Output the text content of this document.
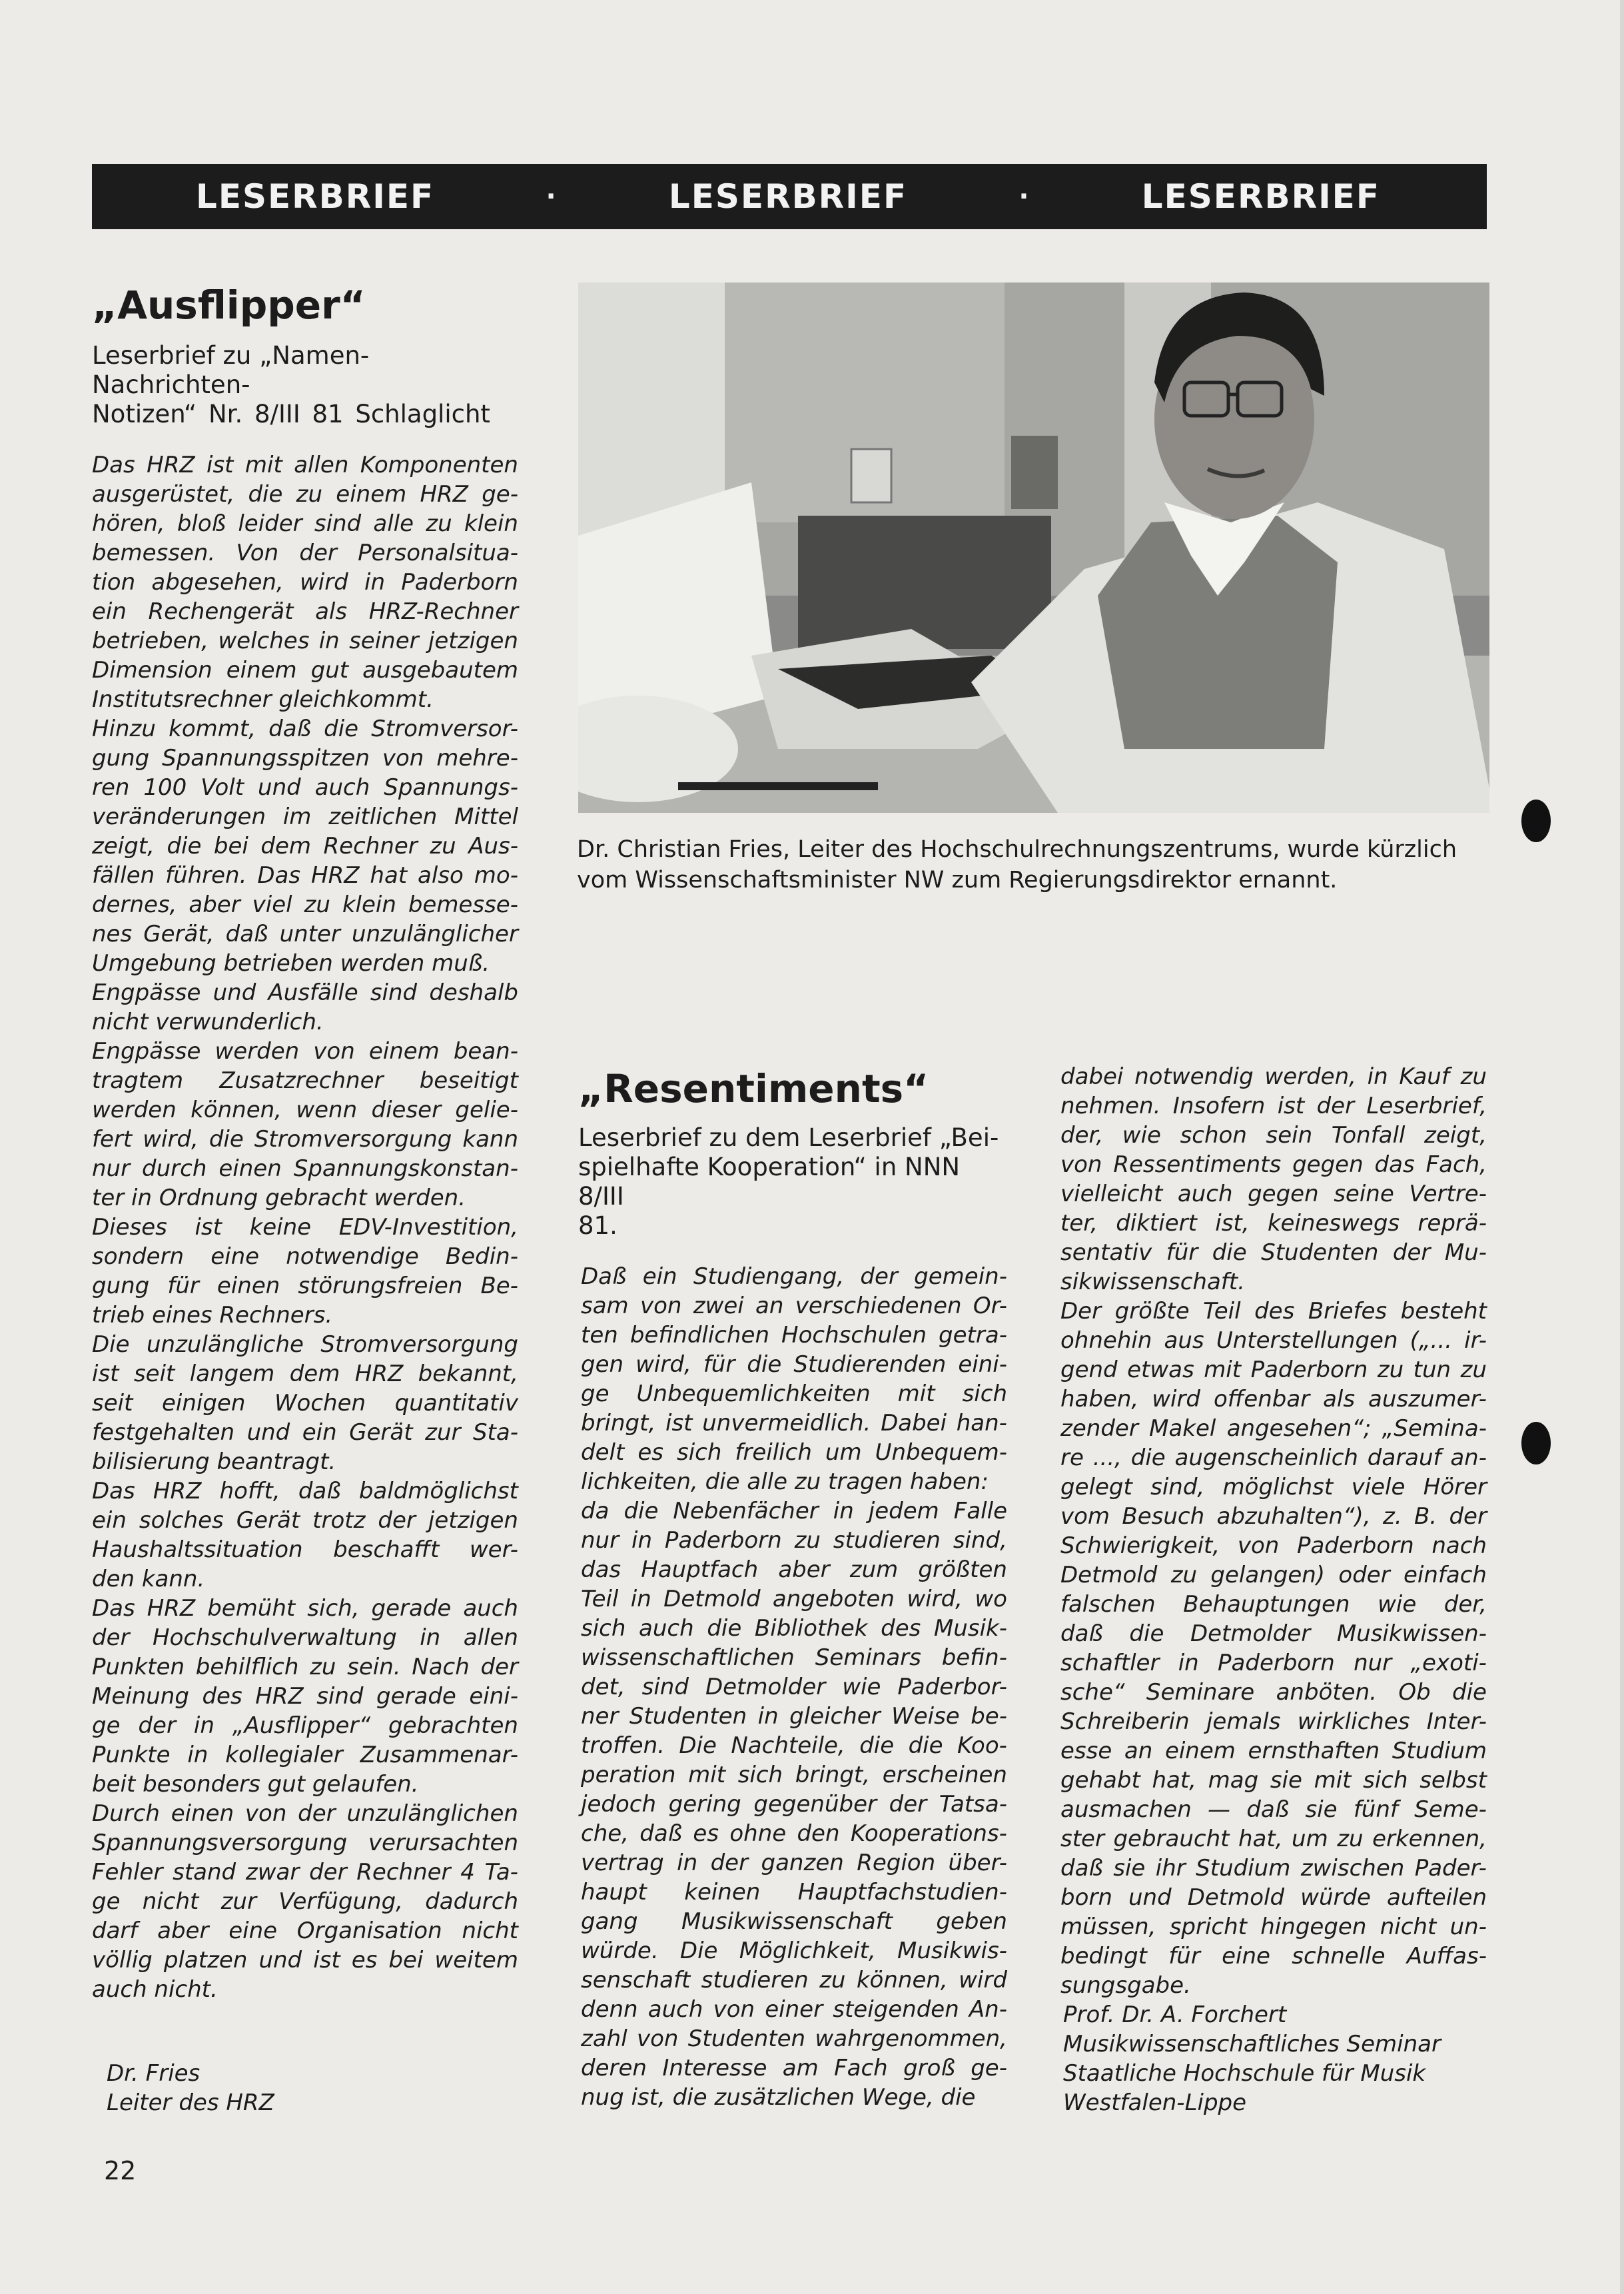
LESERBRIEF	·	LESERBRIEF	·	LESERBRIEF
„Ausflipper“
Leserbrief zu „Namen-Nachrichten-
Notizen“ Nr. 8/III 81 Schlaglicht
Das HRZ ist mit allen Komponenten
ausgerüstet, die zu einem HRZ ge-
hören, bloß leider sind alle zu klein
bemessen. Von der Personalsitua-
tion abgesehen, wird in Paderborn
ein Rechengerät als HRZ-Rechner
betrieben, welches in seiner jetzigen
Dimension einem gut ausgebautem
Institutsrechner gleichkommt.
Hinzu kommt, daß die Stromversor-
gung Spannungsspitzen von mehre-
ren 100 Volt und auch Spannungs-
veränderungen im zeitlichen Mittel
zeigt, die bei dem Rechner zu Aus-
fällen führen. Das HRZ hat also mo-
dernes, aber viel zu klein bemesse-
nes Gerät, daß unter unzulänglicher
Umgebung betrieben werden muß.
Engpässe und Ausfälle sind deshalb
nicht verwunderlich.
Engpässe werden von einem bean-
tragtem Zusatzrechner beseitigt
werden können, wenn dieser gelie-
fert wird, die Stromversorgung kann
nur durch einen Spannungskonstan-
ter in Ordnung gebracht werden.
Dieses ist keine EDV-Investition,
sondern eine notwendige Bedin-
gung für einen störungsfreien Be-
trieb eines Rechners.
Die unzulängliche Stromversorgung
ist seit langem dem HRZ bekannt,
seit einigen Wochen quantitativ
festgehalten und ein Gerät zur Sta-
bilisierung beantragt.
Das HRZ hofft, daß baldmöglichst
ein solches Gerät trotz der jetzigen
Haushaltssituation beschafft wer-
den kann.
Das HRZ bemüht sich, gerade auch
der Hochschulverwaltung in allen
Punkten behilflich zu sein. Nach der
Meinung des HRZ sind gerade eini-
ge der in „Ausflipper“ gebrachten
Punkte in kollegialer Zusammenar-
beit besonders gut gelaufen.
Durch einen von der unzulänglichen
Spannungsversorgung verursachten
Fehler stand zwar der Rechner 4 Ta-
ge nicht zur Verfügung, dadurch
darf aber eine Organisation nicht
völlig platzen und ist es bei weitem
auch nicht.
Dr. Fries
Leiter des HRZ
Dr. Christian Fries, Leiter des Hochschulrechnungszentrums, wurde kürzlich
vom Wissenschaftsminister NW zum Regierungsdirektor ernannt.
„Resentiments“
Leserbrief zu dem Leserbrief „Bei-
spielhafte Kooperation“ in NNN 8/III
81.
Daß ein Studiengang, der gemein-
sam von zwei an verschiedenen Or-
ten befindlichen Hochschulen getra-
gen wird, für die Studierenden eini-
ge Unbequemlichkeiten mit sich
bringt, ist unvermeidlich. Dabei han-
delt es sich freilich um Unbequem-
lichkeiten, die alle zu tragen haben:
da die Nebenfächer in jedem Falle
nur in Paderborn zu studieren sind,
das Hauptfach aber zum größten
Teil in Detmold angeboten wird, wo
sich auch die Bibliothek des Musik-
wissenschaftlichen Seminars befin-
det, sind Detmolder wie Paderbor-
ner Studenten in gleicher Weise be-
troffen. Die Nachteile, die die Koo-
peration mit sich bringt, erscheinen
jedoch gering gegenüber der Tatsa-
che, daß es ohne den Kooperations-
vertrag in der ganzen Region über-
haupt keinen Hauptfachstudien-
gang Musikwissenschaft geben
würde. Die Möglichkeit, Musikwis-
senschaft studieren zu können, wird
denn auch von einer steigenden An-
zahl von Studenten wahrgenommen,
deren Interesse am Fach groß ge-
nug ist, die zusätzlichen Wege, die
dabei notwendig werden, in Kauf zu
nehmen. Insofern ist der Leserbrief,
der, wie schon sein Tonfall zeigt,
von Ressentiments gegen das Fach,
vielleicht auch gegen seine Vertre-
ter, diktiert ist, keineswegs reprä-
sentativ für die Studenten der Mu-
sikwissenschaft.
Der größte Teil des Briefes besteht
ohnehin aus Unterstellungen („... ir-
gend etwas mit Paderborn zu tun zu
haben, wird offenbar als auszumer-
zender Makel angesehen“; „Semina-
re ..., die augenscheinlich darauf an-
gelegt sind, möglichst viele Hörer
vom Besuch abzuhalten“), z. B. der
Schwierigkeit, von Paderborn nach
Detmold zu gelangen) oder einfach
falschen Behauptungen wie der,
daß die Detmolder Musikwissen-
schaftler in Paderborn nur „exoti-
sche“ Seminare anböten. Ob die
Schreiberin jemals wirkliches Inter-
esse an einem ernsthaften Studium
gehabt hat, mag sie mit sich selbst
ausmachen — daß sie fünf Seme-
ster gebraucht hat, um zu erkennen,
daß sie ihr Studium zwischen Pader-
born und Detmold würde aufteilen
müssen, spricht hingegen nicht un-
bedingt für eine schnelle Auffas-
sungsgabe.
Prof. Dr. A. Forchert
Musikwissenschaftliches Seminar
Staatliche Hochschule für Musik
Westfalen-Lippe
22
